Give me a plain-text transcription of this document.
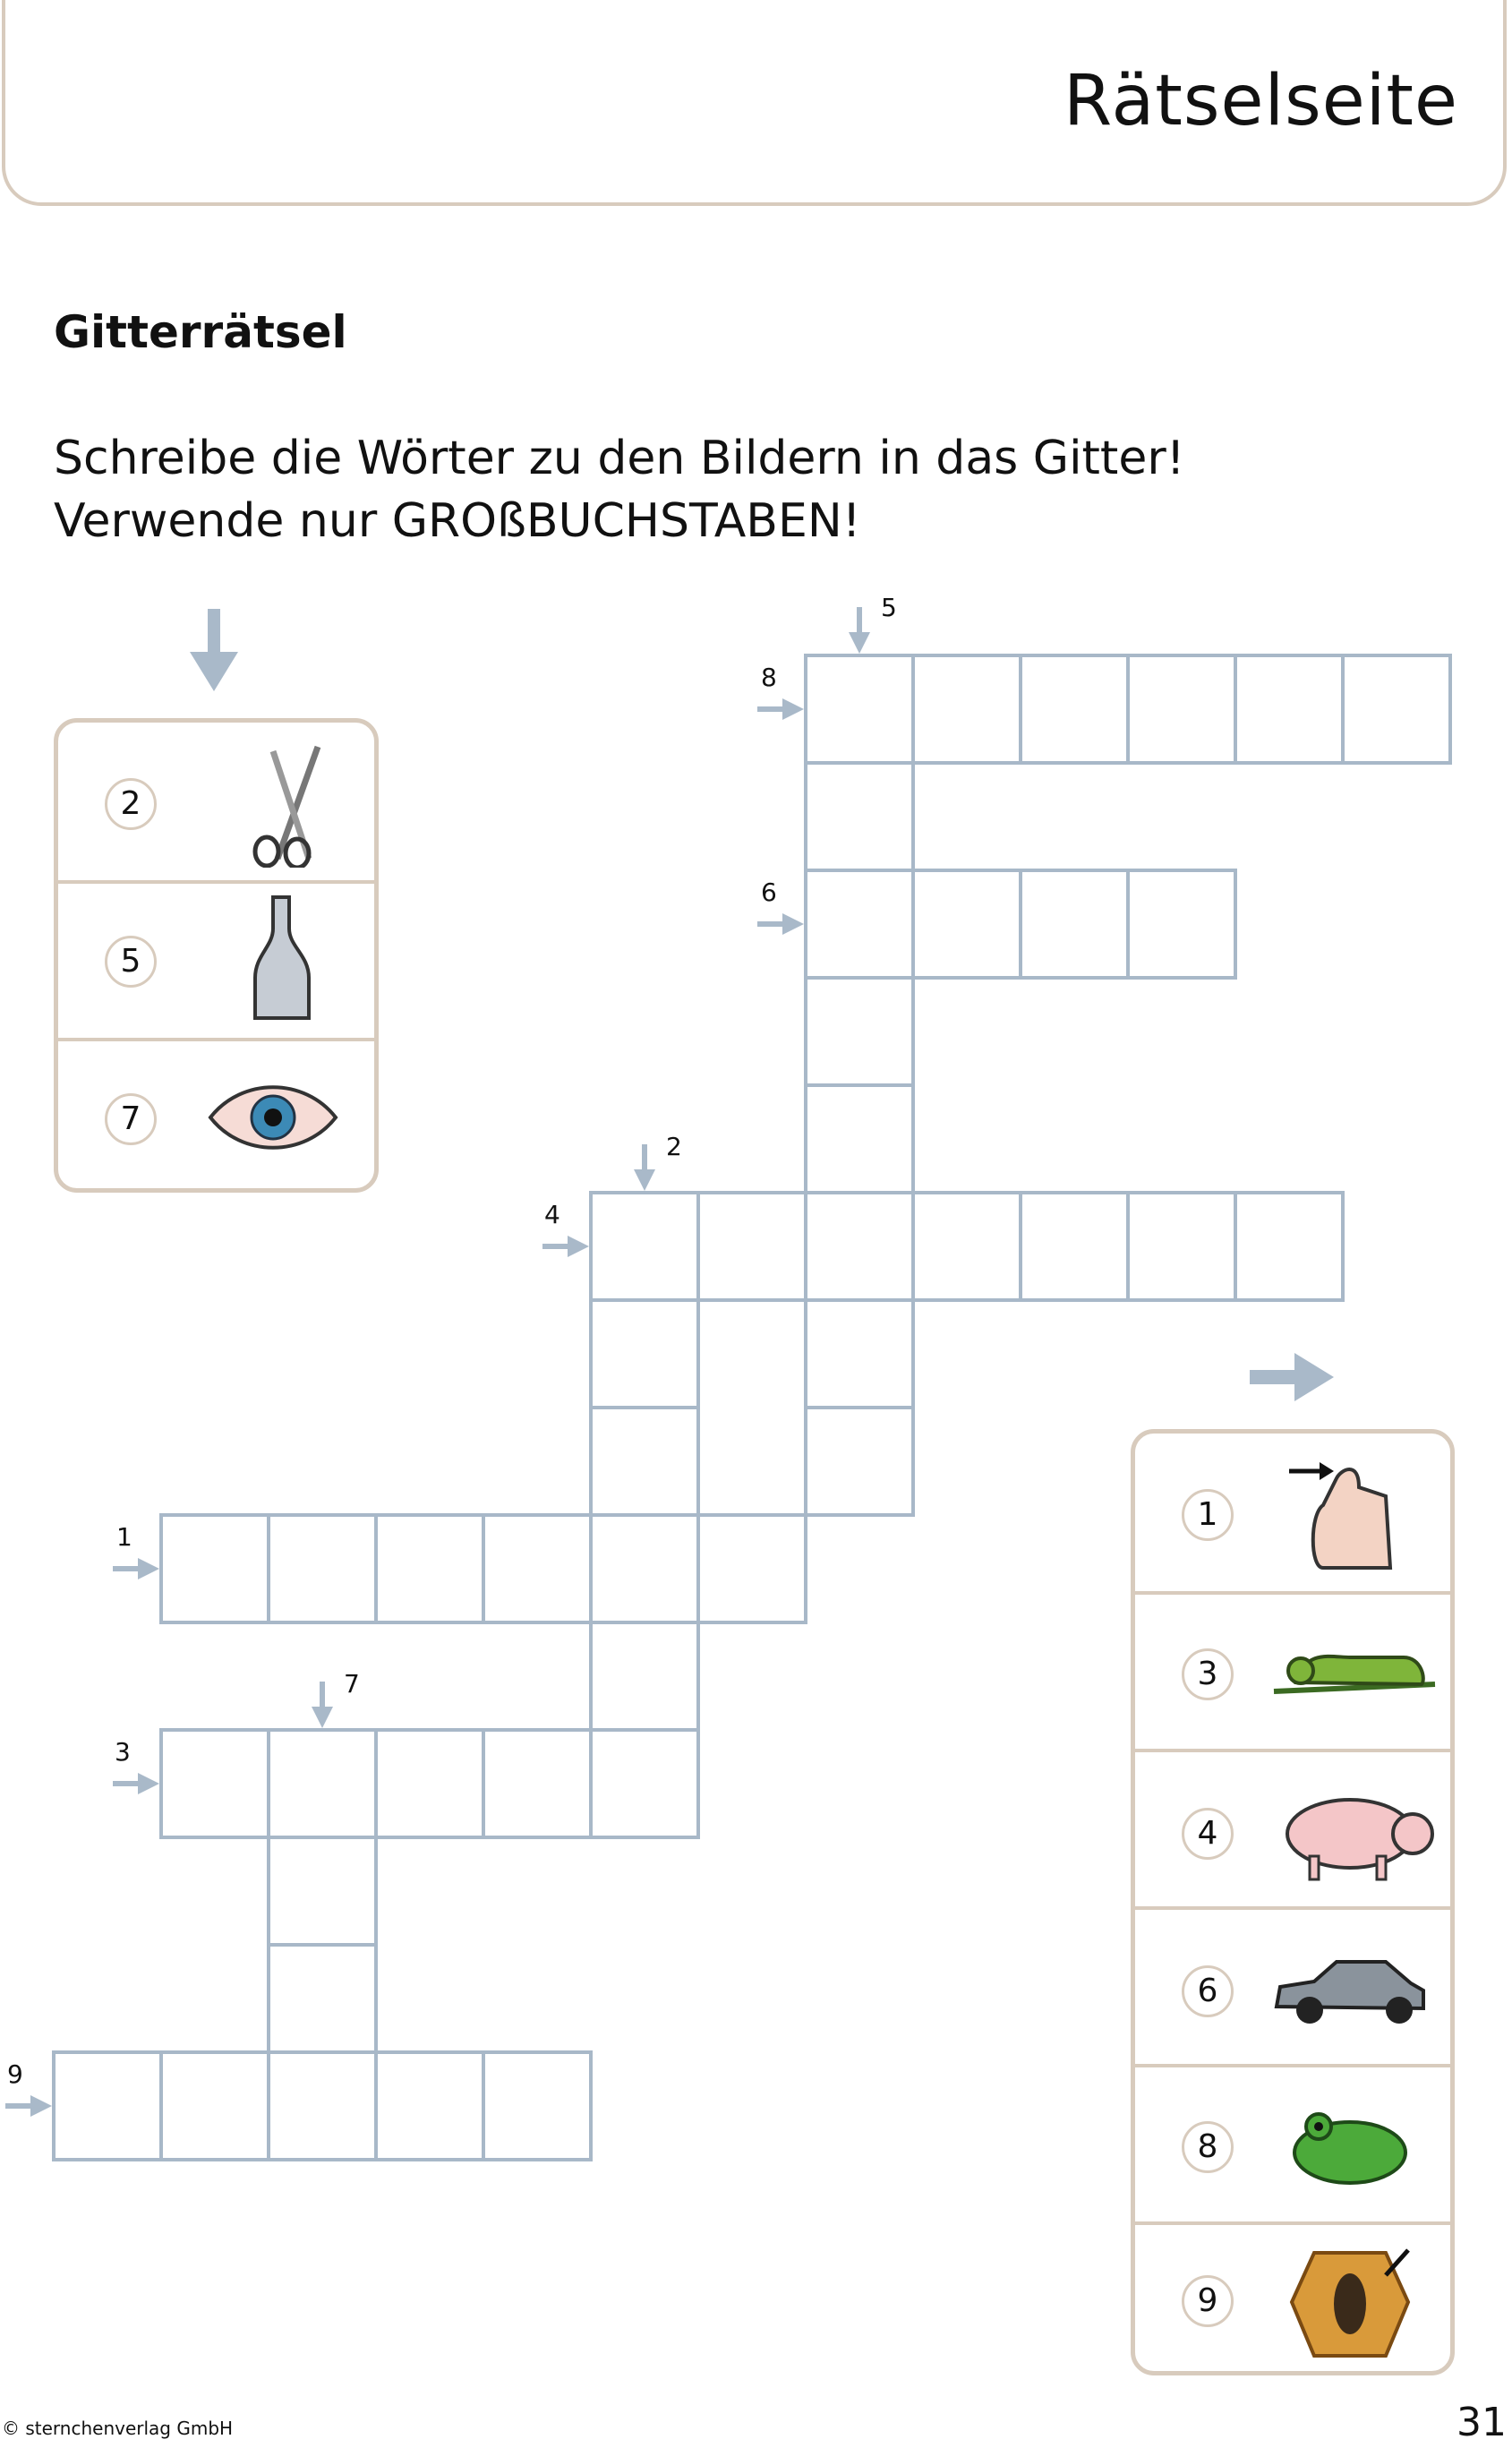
Rätselseite
Gitterrätsel
Schreibe die Wörter zu den Bildern in das Gitter!
Verwende nur GROßBUCHSTABEN!
5
8
6
2
4
1
7
3
9
2
5
7
1
3
4
6
8
9
© sternchenverlag GmbH	31
